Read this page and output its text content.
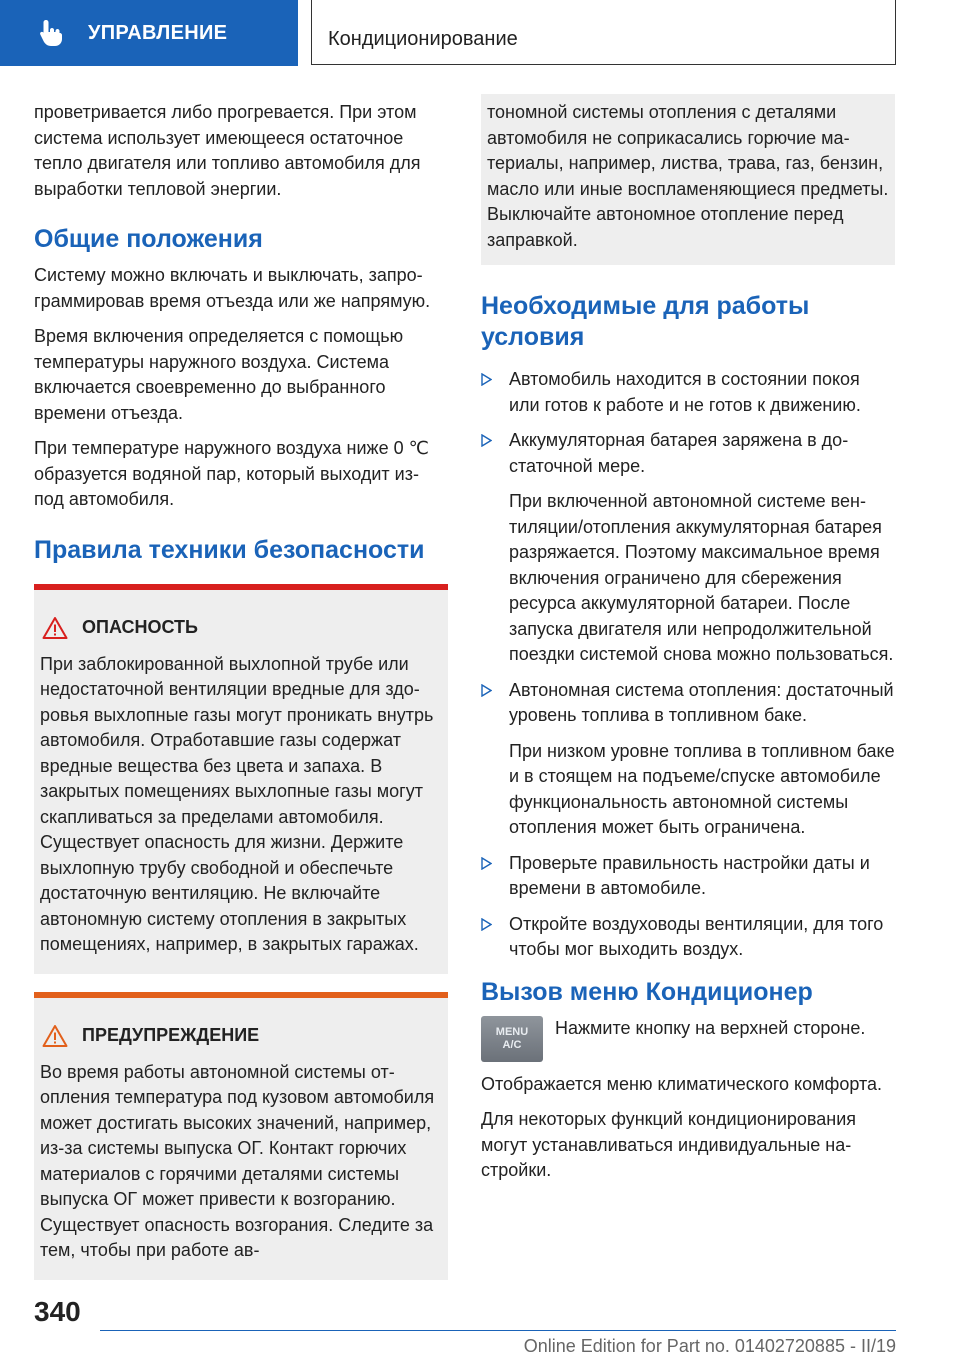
УПРАВЛЕНИЕ	Кондиционирование

проветривается либо прогревается. При этом система использует имеющееся остаточное тепло двигателя или топливо автомобиля для выработки тепловой энергии.

Общие положения

Систему можно включать и выключать, запрограммировав время отъезда или же напрямую.

Время включения определяется с помощью температуры наружного воздуха. Система включается своевременно до выбранного времени отъезда.

При температуре наружного воздуха ниже 0 ℃ образуется водяной пар, который выходит из-под автомобиля.

Правила техники безопасности
ОПАСНОСТЬ

При заблокированной выхлопной трубе или недостаточной вентиляции вредные для здоровья выхлопные газы могут проникать внутрь автомобиля. Отработавшие газы содержат вредные вещества без цвета и запаха. В закрытых помещениях выхлопные газы могут скапливаться за пределами автомобиля. Существует опасность для жизни. Держите выхлопную трубу свободной и обеспечьте достаточную вентиляцию. Не включайте автономную систему отопления в закрытых помещениях, например, в закрытых гаражах.

ПРЕДУПРЕЖДЕНИЕ

Во время работы автономной системы отопления температура под кузовом автомобиля может достигать высоких значений, например, из-за системы выпуска ОГ. Контакт горючих материалов с горячими деталями системы выпуска ОГ может привести к возгоранию. Существует опасность возгорания. Следите за тем, чтобы при работе ав-

тономной системы отопления с деталями автомобиля не соприкасались горючие материалы, например, листва, трава, газ, бензин, масло или иные воспламеняющиеся предметы. Выключайте автономное отопление перед заправкой.

Необходимые для работы условия

Автомобиль находится в состоянии покоя или готов к работе и не готов к движению.

Аккумуляторная батарея заряжена в достаточной мере.

При включенной автономной системе вентиляции/отопления аккумуляторная батарея разряжается. Поэтому максимальное время включения ограничено для сбережения ресурса аккумуляторной батареи. После запуска двигателя или непродолжительной поездки системой снова можно пользоваться.

Автономная система отопления: достаточный уровень топлива в топливном баке.

При низком уровне топлива в топливном баке и в стоящем на подъеме/спуске автомобиле функциональность автономной системы отопления может быть ограничена.

Проверьте правильность настройки даты и времени в автомобиле.

Откройте воздуховоды вентиляции, для того чтобы мог выходить воздух.

Вызов меню Кондиционер
MENU
A/C

Нажмите кнопку на верхней стороне.

Отображается меню климатического комфорта.

Для некоторых функций кондиционирования могут устанавливаться индивидуальные настройки.

340
Online Edition for Part no. 01402720885 - II/19
